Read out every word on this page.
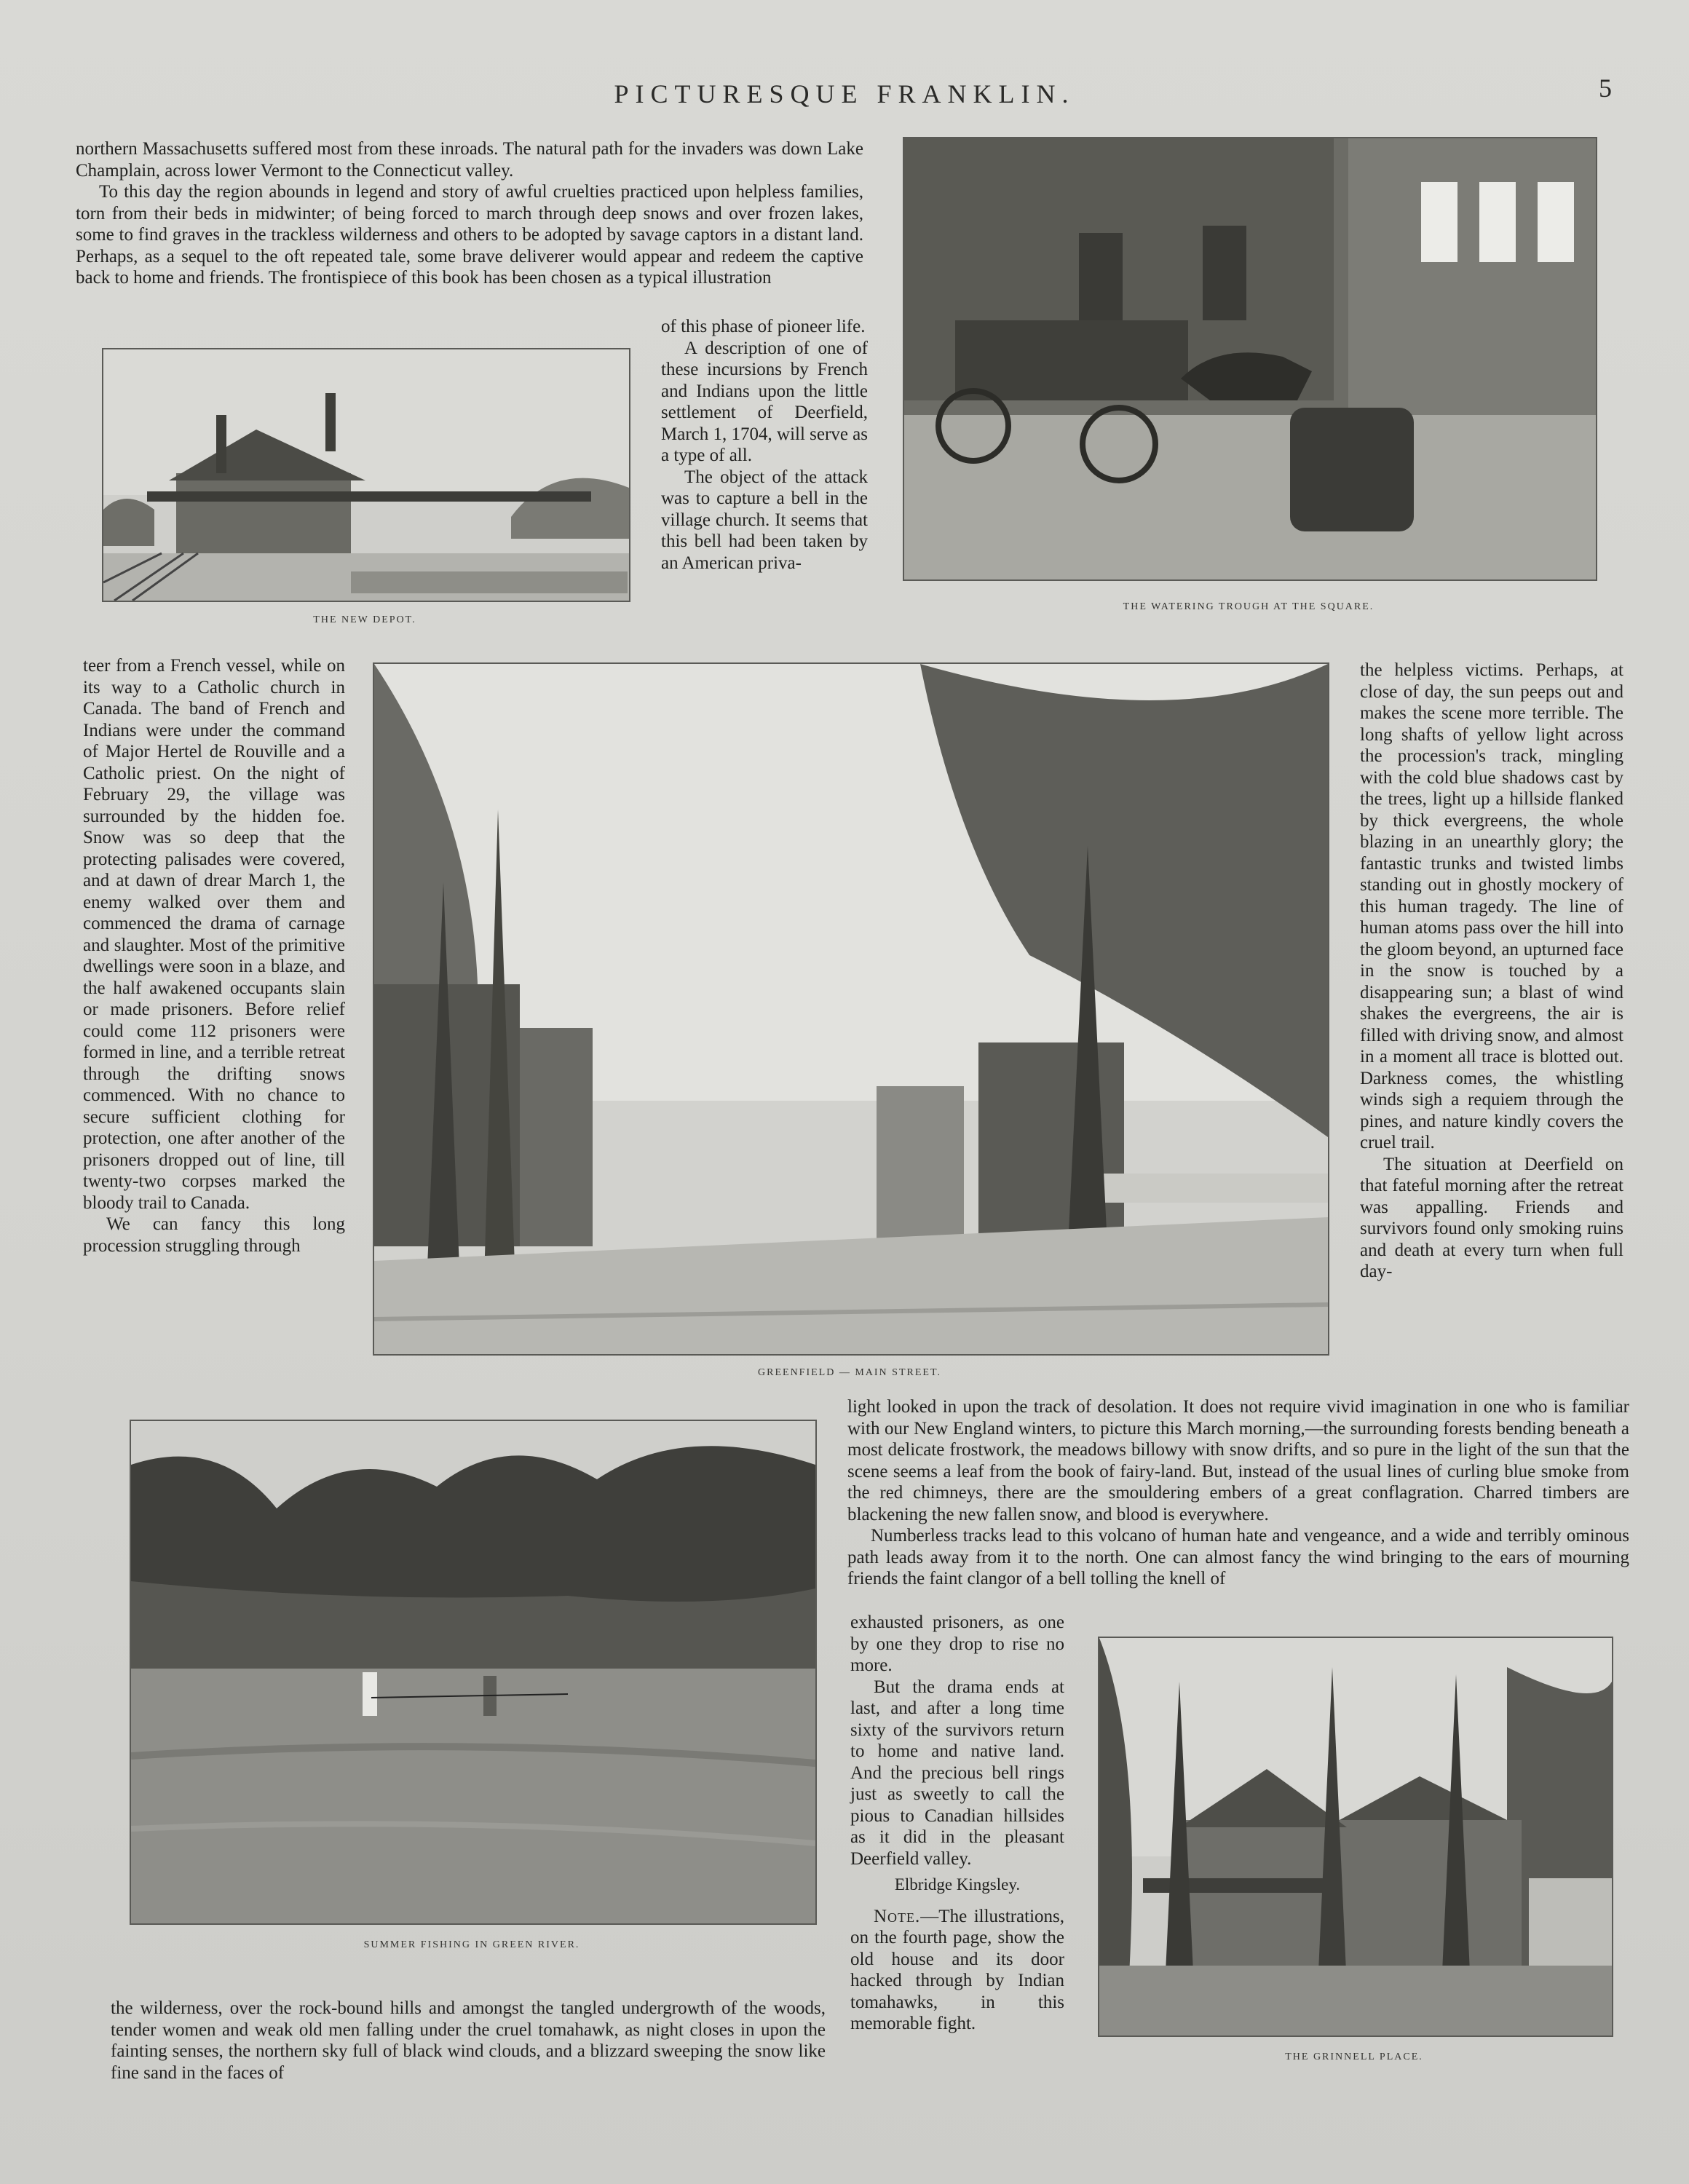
PICTURESQUE FRANKLIN.	5

northern Massachusetts suffered most from these inroads. The natural path for the invaders was down Lake Champlain, across lower Vermont to the Connecticut valley.

To this day the region abounds in legend and story of awful cruelties practiced upon helpless families, torn from their beds in midwinter; of being forced to march through deep snows and over frozen lakes, some to find graves in the trackless wilderness and others to be adopted by savage captors in a distant land. Perhaps, as a sequel to the oft repeated tale, some brave deliverer would appear and redeem the captive back to home and friends. The frontispiece of this book has been chosen as a typical illustration

THE NEW DEPOT.

of this phase of pioneer life.

A description of one of these incursions by French and Indians upon the little settlement of Deerfield, March 1, 1704, will serve as a type of all.

The object of the attack was to capture a bell in the village church. It seems that this bell had been taken by an American priva-

THE WATERING TROUGH AT THE SQUARE.

teer from a French vessel, while on its way to a Catholic church in Canada. The band of French and Indians were under the command of Major Hertel de Rouville and a Catholic priest. On the night of February 29, the village was surrounded by the hidden foe. Snow was so deep that the protecting palisades were covered, and at dawn of drear March 1, the enemy walked over them and commenced the drama of carnage and slaughter. Most of the primitive dwellings were soon in a blaze, and the half awakened occupants slain or made prisoners. Before relief could come 112 prisoners were formed in line, and a terrible retreat through the drifting snows commenced. With no chance to secure sufficient clothing for protection, one after another of the prisoners dropped out of line, till twenty-two corpses marked the bloody trail to Canada.

We can fancy this long procession struggling through

GREENFIELD — MAIN STREET.

the helpless victims. Perhaps, at close of day, the sun peeps out and makes the scene more terrible. The long shafts of yellow light across the procession's track, mingling with the cold blue shadows cast by the trees, light up a hillside flanked by thick evergreens, the whole blazing in an unearthly glory; the fantastic trunks and twisted limbs standing out in ghostly mockery of this human tragedy. The line of human atoms pass over the hill into the gloom beyond, an upturned face in the snow is touched by a disappearing sun; a blast of wind shakes the evergreens, the air is filled with driving snow, and almost in a moment all trace is blotted out. Darkness comes, the whistling winds sigh a requiem through the pines, and nature kindly covers the cruel trail.

The situation at Deerfield on that fateful morning after the retreat was appalling. Friends and survivors found only smoking ruins and death at every turn when full day-

light looked in upon the track of desolation. It does not require vivid imagination in one who is familiar with our New England winters, to picture this March morning,—the surrounding forests bending beneath a most delicate frostwork, the meadows billowy with snow drifts, and so pure in the light of the sun that the scene seems a leaf from the book of fairy-land. But, instead of the usual lines of curling blue smoke from the red chimneys, there are the smouldering embers of a great conflagration. Charred timbers are blackening the new fallen snow, and blood is everywhere.

Numberless tracks lead to this volcano of human hate and vengeance, and a wide and terribly ominous path leads away from it to the north. One can almost fancy the wind bringing to the ears of mourning friends the faint clangor of a bell tolling the knell of

SUMMER FISHING IN GREEN RIVER.

exhausted prisoners, as one by one they drop to rise no more.

But the drama ends at last, and after a long time sixty of the survivors return to home and native land. And the precious bell rings just as sweetly to call the pious to Canadian hillsides as it did in the pleasant Deerfield valley.

Elbridge Kingsley.

Note.—The illustrations, on the fourth page, show the old house and its door hacked through by Indian tomahawks, in this memorable fight.

THE GRINNELL PLACE.

the wilderness, over the rock-bound hills and amongst the tangled undergrowth of the woods, tender women and weak old men falling under the cruel tomahawk, as night closes in upon the fainting senses, the northern sky full of black wind clouds, and a blizzard sweeping the snow like fine sand in the faces of
